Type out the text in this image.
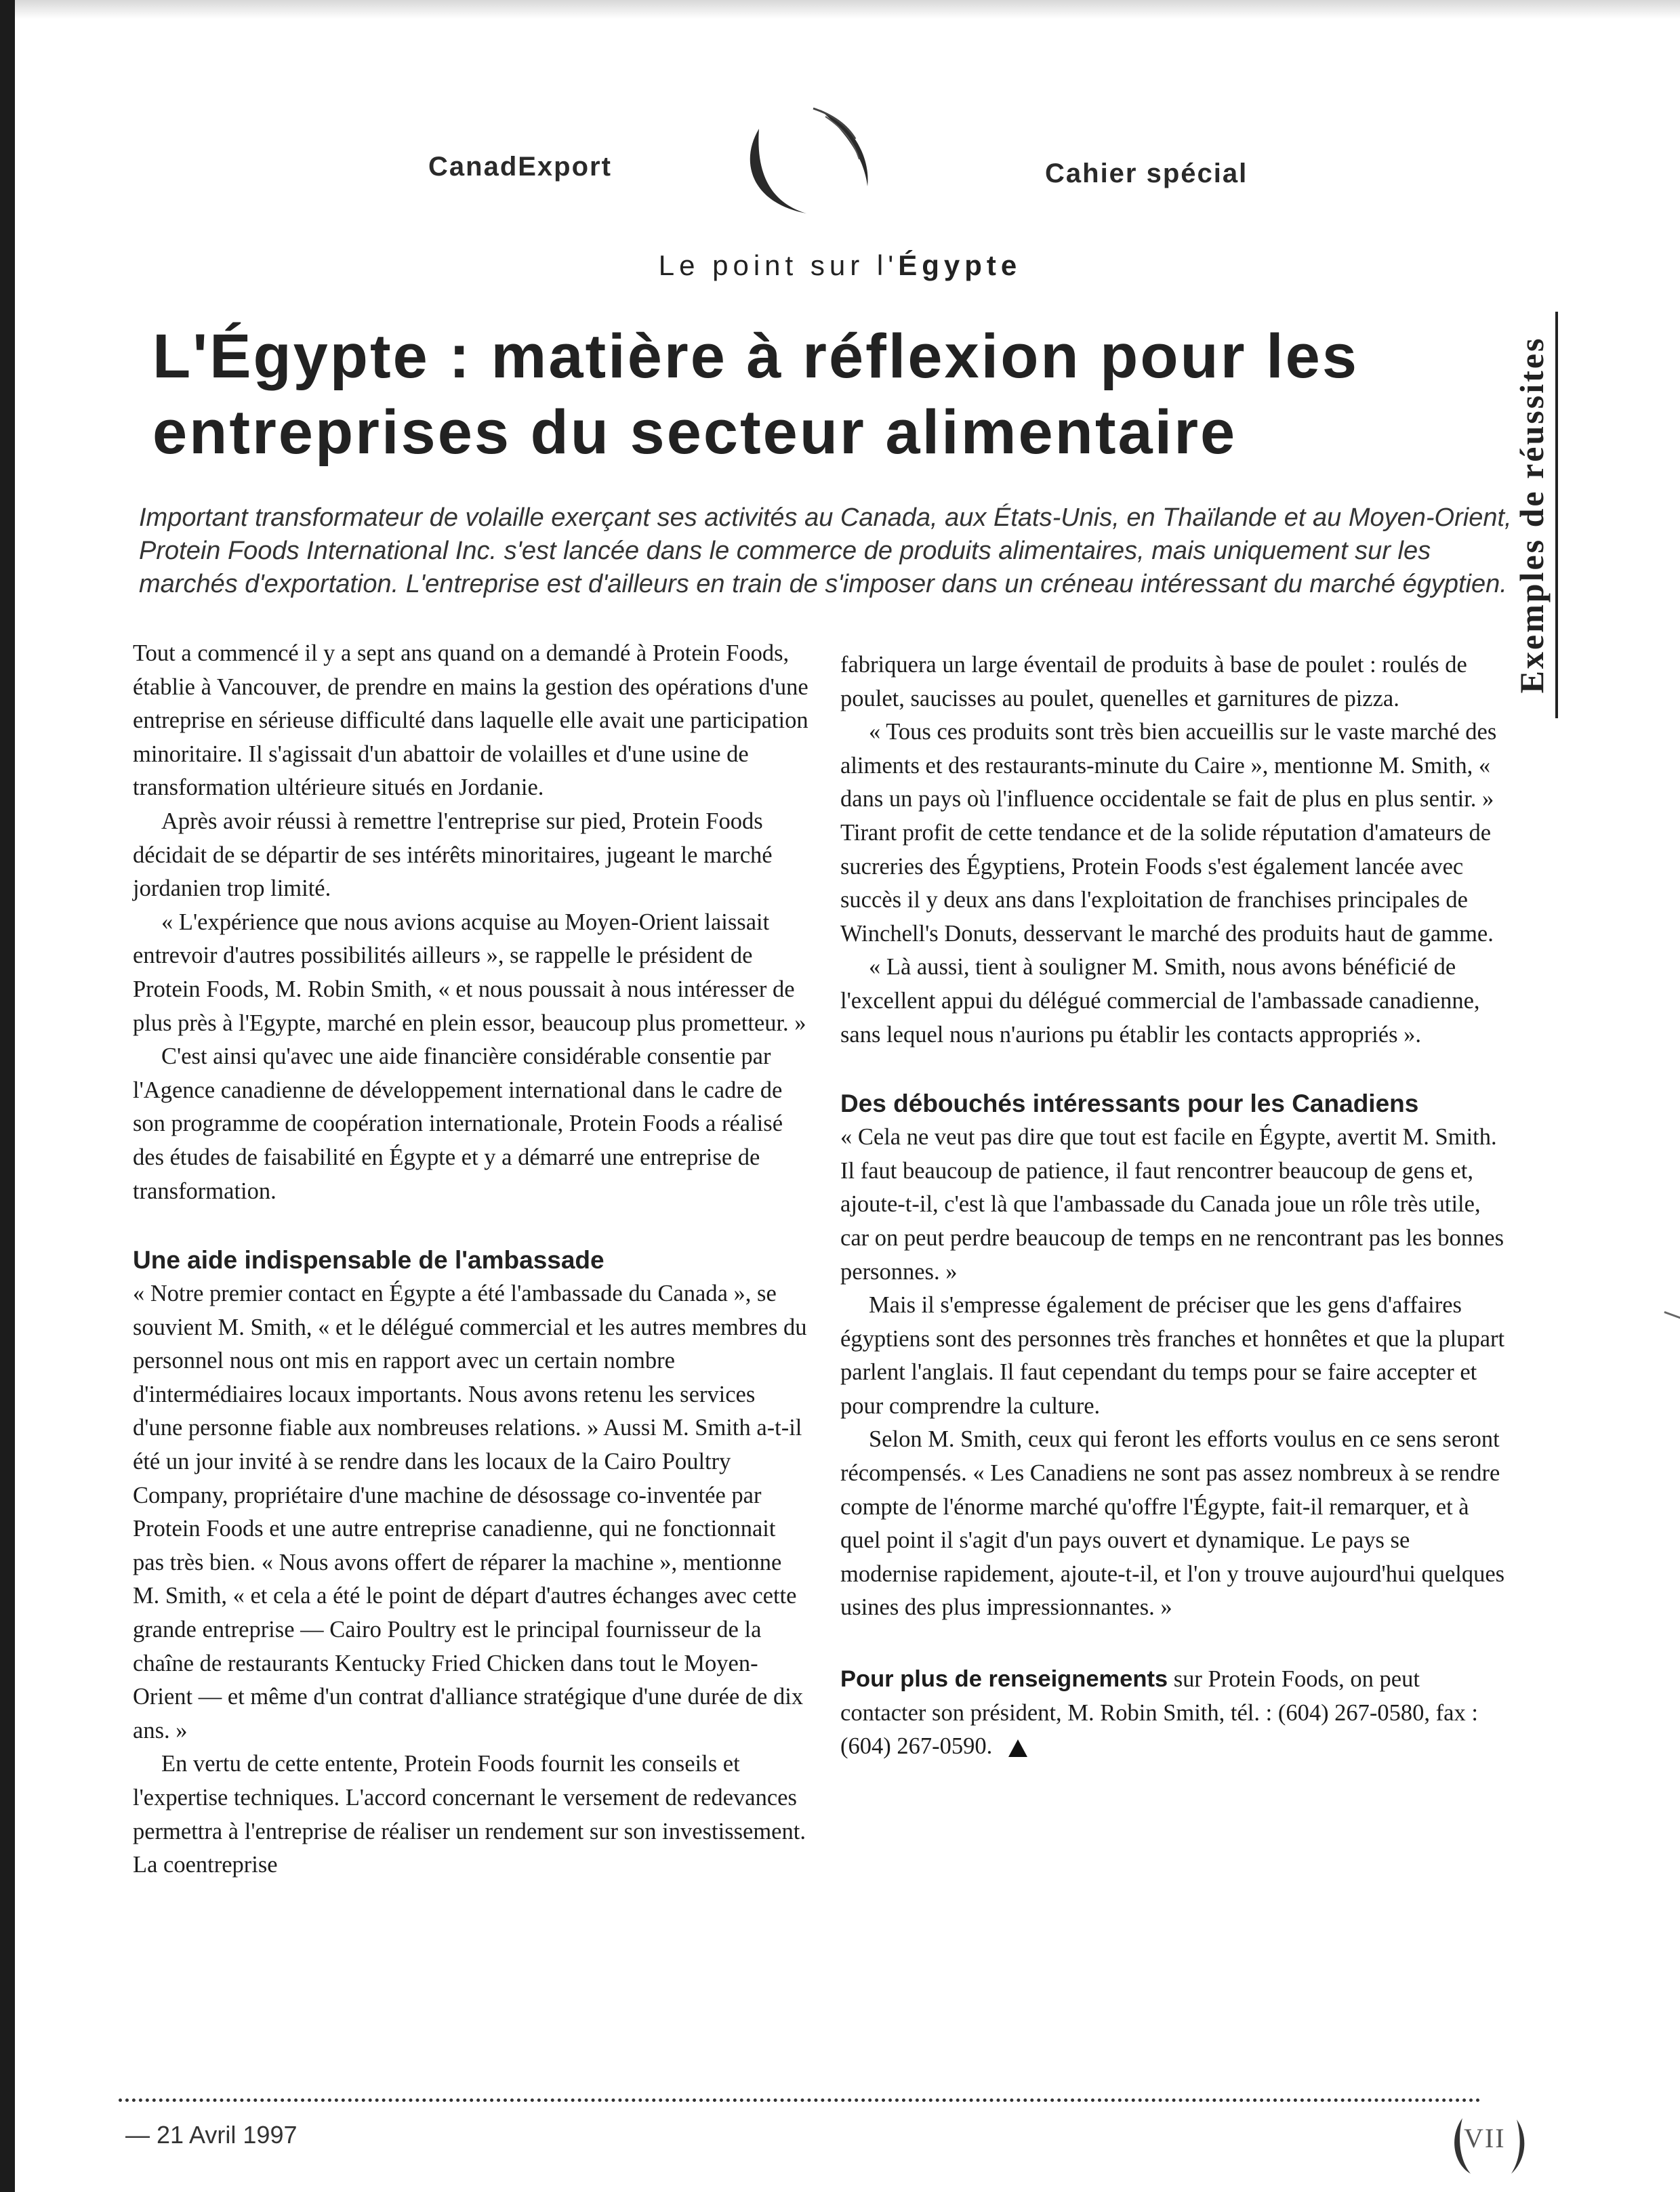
CanadExport	Cahier spécial
Le point sur l'Égypte
L'Égypte : matière à réflexion pour les entreprises du secteur alimentaire	Exemples de réussites

Important transformateur de volaille exerçant ses activités au Canada, aux États-Unis, en Thaïlande et au Moyen-Orient, Protein Foods International Inc. s'est lancée dans le commerce de produits alimentaires, mais uniquement sur les marchés d'exportation. L'entreprise est d'ailleurs en train de s'imposer dans un créneau intéressant du marché égyptien.

Tout a commencé il y a sept ans quand on a demandé à Protein Foods, établie à Vancouver, de prendre en mains la gestion des opérations d'une entreprise en sérieuse difficulté dans laquelle elle avait une participation minoritaire. Il s'agissait d'un abattoir de volailles et d'une usine de transformation ultérieure situés en Jordanie.

Après avoir réussi à remettre l'entreprise sur pied, Protein Foods décidait de se départir de ses intérêts minoritaires, jugeant le marché jordanien trop limité.

« L'expérience que nous avions acquise au Moyen-Orient laissait entrevoir d'autres possibilités ailleurs », se rappelle le président de Protein Foods, M. Robin Smith, « et nous poussait à nous intéresser de plus près à l'Egypte, marché en plein essor, beaucoup plus prometteur. »

C'est ainsi qu'avec une aide financière considérable consentie par l'Agence canadienne de développement international dans le cadre de son programme de coopération internationale, Protein Foods a réalisé des études de faisabilité en Égypte et y a démarré une entreprise de transformation.

Une aide indispensable de l'ambassade

« Notre premier contact en Égypte a été l'ambassade du Canada », se souvient M. Smith, « et le délégué commercial et les autres membres du personnel nous ont mis en rapport avec un certain nombre d'intermédiaires locaux importants. Nous avons retenu les services d'une personne fiable aux nombreuses relations. » Aussi M. Smith a-t-il été un jour invité à se rendre dans les locaux de la Cairo Poultry Company, propriétaire d'une machine de désossage co-inventée par Protein Foods et une autre entreprise canadienne, qui ne fonctionnait pas très bien. « Nous avons offert de réparer la machine », mentionne M. Smith, « et cela a été le point de départ d'autres échanges avec cette grande entreprise — Cairo Poultry est le principal fournisseur de la chaîne de restaurants Kentucky Fried Chicken dans tout le Moyen-Orient — et même d'un contrat d'alliance stratégique d'une durée de dix ans. »

En vertu de cette entente, Protein Foods fournit les conseils et l'expertise techniques. L'accord concernant le versement de redevances permettra à l'entreprise de réaliser un rendement sur son investissement. La coentreprise

fabriquera un large éventail de produits à base de poulet : roulés de poulet, saucisses au poulet, quenelles et garnitures de pizza.

« Tous ces produits sont très bien accueillis sur le vaste marché des aliments et des restaurants-minute du Caire », mentionne M. Smith, « dans un pays où l'influence occidentale se fait de plus en plus sentir. » Tirant profit de cette tendance et de la solide réputation d'amateurs de sucreries des Égyptiens, Protein Foods s'est également lancée avec succès il y deux ans dans l'exploitation de franchises principales de Winchell's Donuts, desservant le marché des produits haut de gamme.

« Là aussi, tient à souligner M. Smith, nous avons bénéficié de l'excellent appui du délégué commercial de l'ambassade canadienne, sans lequel nous n'aurions pu établir les contacts appropriés ».

Des débouchés intéressants pour les Canadiens

« Cela ne veut pas dire que tout est facile en Égypte, avertit M. Smith. Il faut beaucoup de patience, il faut rencontrer beaucoup de gens et, ajoute-t-il, c'est là que l'ambassade du Canada joue un rôle très utile, car on peut perdre beaucoup de temps en ne rencontrant pas les bonnes personnes. »

Mais il s'empresse également de préciser que les gens d'affaires égyptiens sont des personnes très franches et honnêtes et que la plupart parlent l'anglais. Il faut cependant du temps pour se faire accepter et pour comprendre la culture.

Selon M. Smith, ceux qui feront les efforts voulus en ce sens seront récompensés. « Les Canadiens ne sont pas assez nombreux à se rendre compte de l'énorme marché qu'offre l'Égypte, fait-il remarquer, et à quel point il s'agit d'un pays ouvert et dynamique. Le pays se modernise rapidement, ajoute-t-il, et l'on y trouve aujourd'hui quelques usines des plus impressionnantes. »

Pour plus de renseignements sur Protein Foods, on peut contacter son président, M. Robin Smith, tél. : (604) 267-0580, fax : (604) 267-0590.

— 21 Avril 1997	VII
